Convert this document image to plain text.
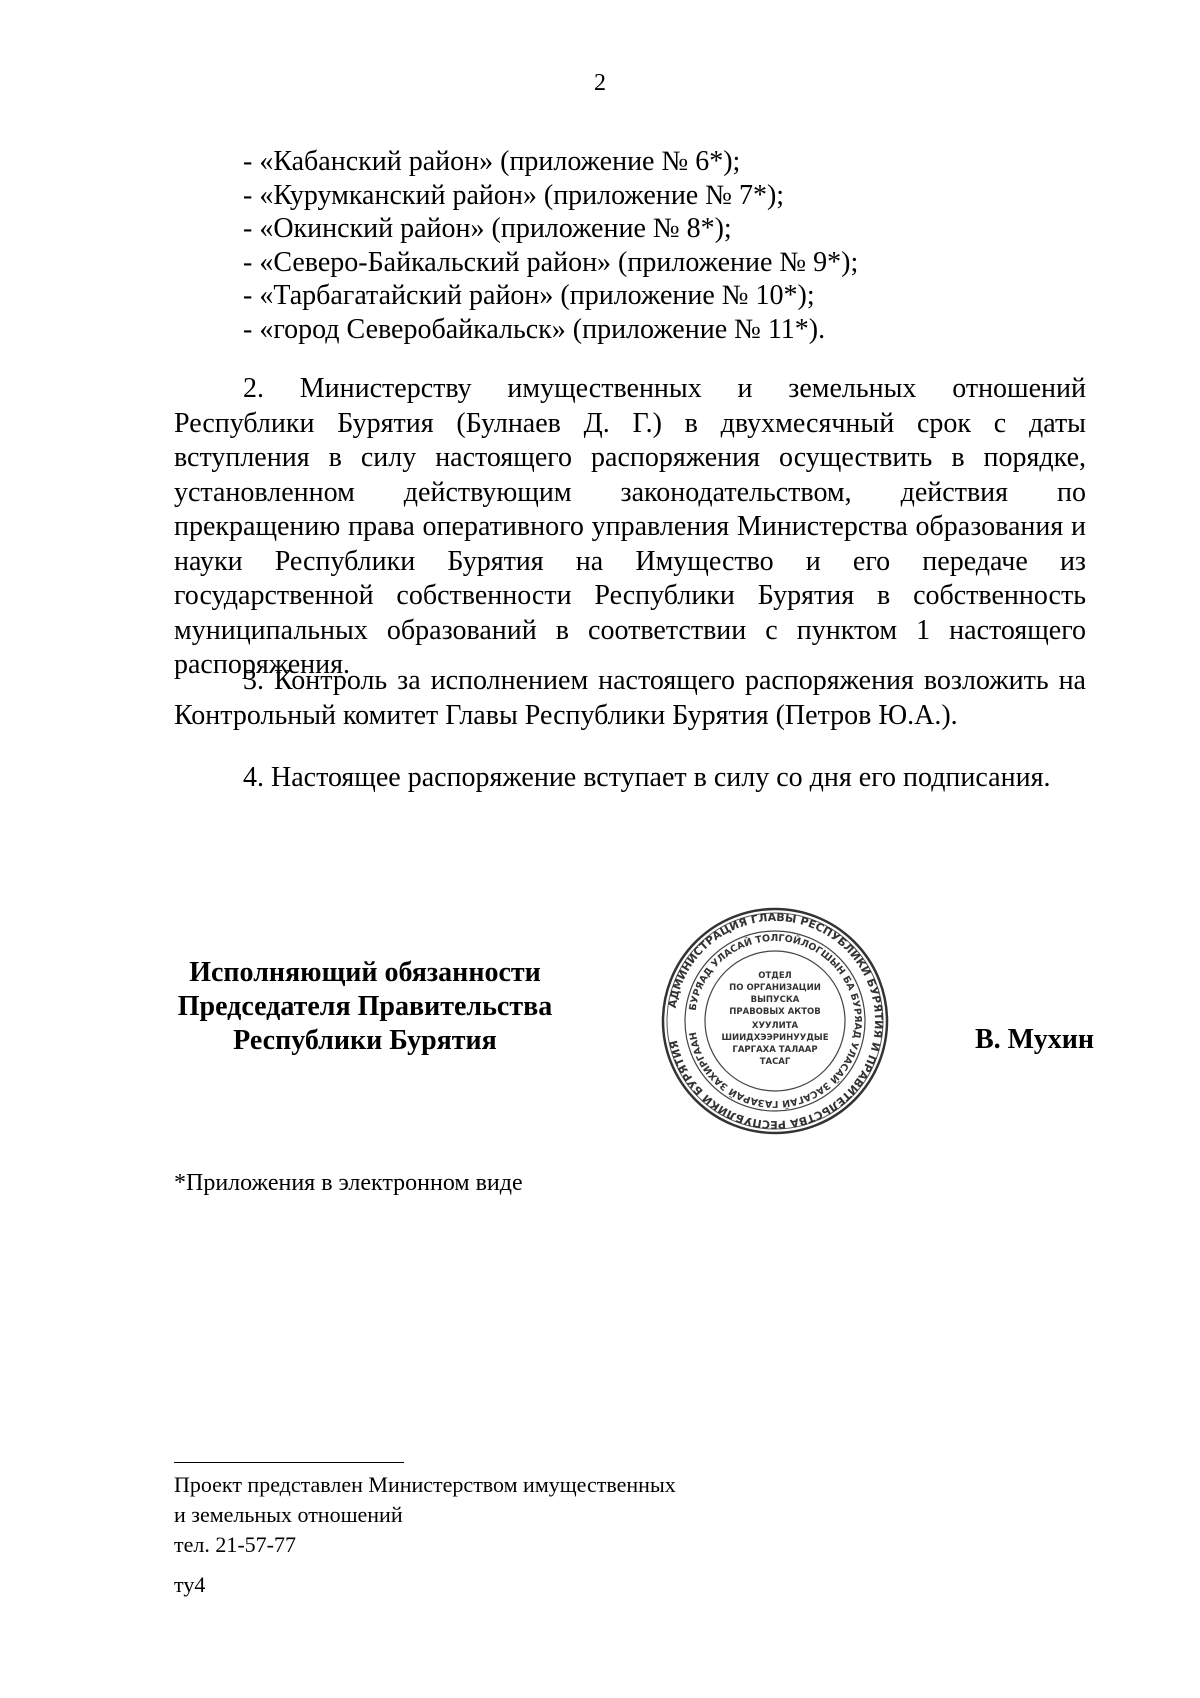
2
- «Кабанский район» (приложение № 6*);
- «Курумканский район» (приложение № 7*);
- «Окинский район» (приложение № 8*);
- «Северо-Байкальский район» (приложение № 9*);
- «Тарбагатайский район» (приложение № 10*);
- «город Северобайкальск» (приложение № 11*).

2. Министерству имущественных и земельных отношений Республики Бурятия (Булнаев Д. Г.) в двухмесячный срок с даты вступления в силу настоящего распоряжения осуществить в порядке, установленном действующим законодательством, действия по прекращению права оперативного управления Министерства образования и науки Республики Бурятия на Имущество и его передаче из государственной собственности Республики Бурятия в собственность муниципальных образований в соответствии с пунктом 1 настоящего распоряжения.

3. Контроль за исполнением настоящего распоряжения возложить на Контрольный комитет Главы Республики Бурятия (Петров Ю.А.).

4. Настоящее распоряжение вступает в силу со дня его подписания.

Исполняющий обязанности
Председателя Правительства
Республики Бурятия
АДМИНИСТРАЦИЯ ГЛАВЫ РЕСПУБЛИКИ БУРЯТИЯ И ПРАВИТЕЛЬСТВА РЕСПУБЛИКИ БУРЯТИЯ
БУРЯАД УЛАСАЙ ТОЛГОЙЛОГШЫН БА БУРЯАД УЛАСАЙ ЗАСАГАЙ ГАЗАРАЙ ЗАХИРГААН
ОТДЕЛ
ПО ОРГАНИЗАЦИИ
ВЫПУСКА
ПРАВОВЫХ АКТОВ
ХУУЛИТА
ШИИДХЭЭРИНУУДЫЕ
ГАРГАХА ТАЛААР
ТАСАГ
В. Мухин
*Приложения в электронном виде
Проект представлен Министерством имущественных
и земельных отношений
тел. 21-57-77
ту4
